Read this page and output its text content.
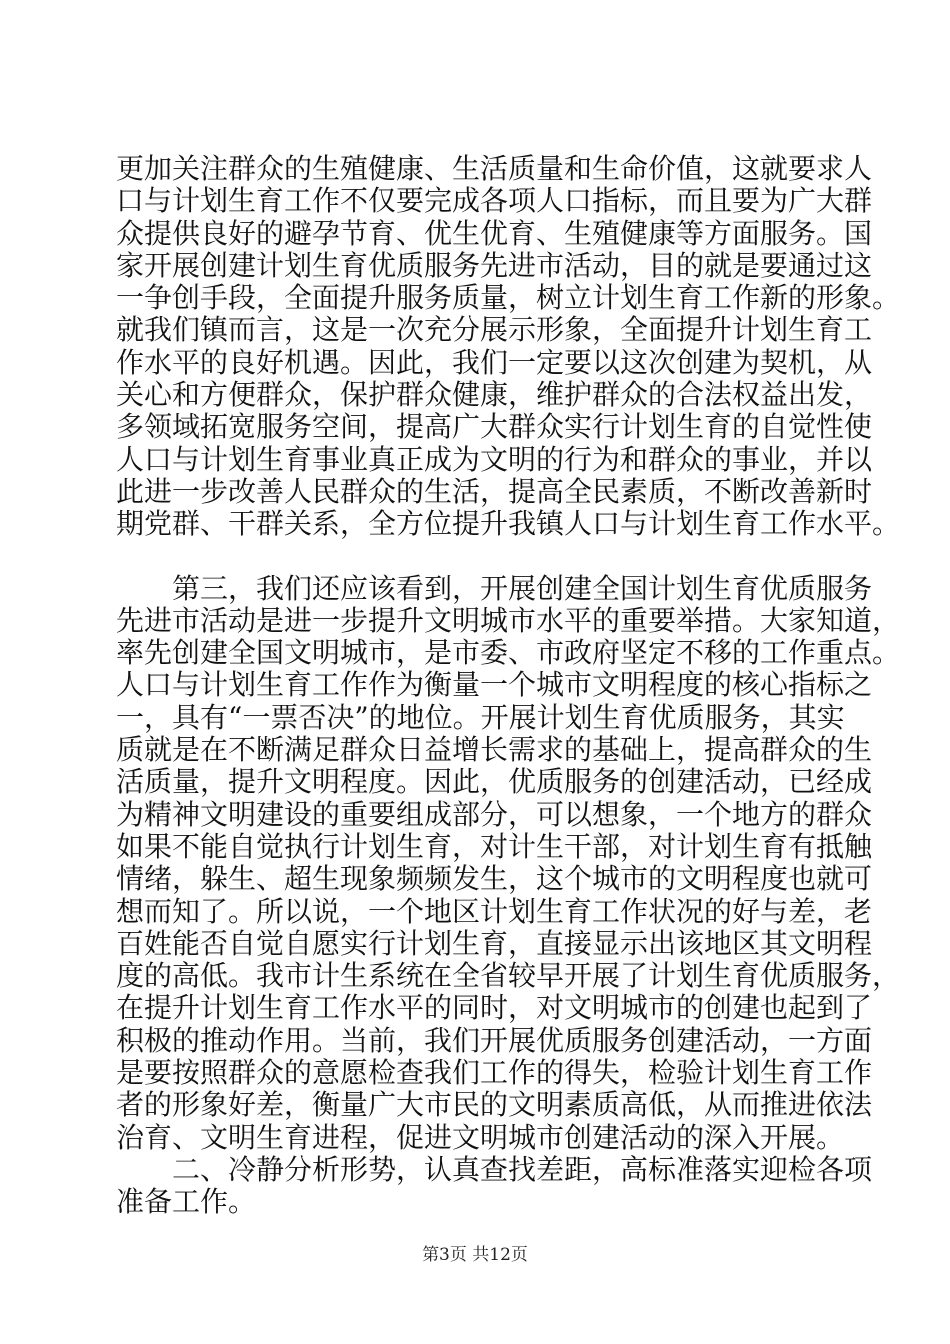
更加关注群众的生殖健康、生活质量和生命价值，这就要求人

口与计划生育工作不仅要完成各项人口指标，而且要为广大群

众提供良好的避孕节育、优生优育、生殖健康等方面服务。国

家开展创建计划生育优质服务先进市活动，目的就是要通过这

一争创手段，全面提升服务质量，树立计划生育工作新的形象。

就我们镇而言，这是一次充分展示形象，全面提升计划生育工

作水平的良好机遇。因此，我们一定要以这次创建为契机，从

关心和方便群众，保护群众健康，维护群众的合法权益出发，

多领域拓宽服务空间，提高广大群众实行计划生育的自觉性使

人口与计划生育事业真正成为文明的行为和群众的事业，并以

此进一步改善人民群众的生活，提高全民素质，不断改善新时

期党群、干群关系，全方位提升我镇人口与计划生育工作水平。

　　第三，我们还应该看到，开展创建全国计划生育优质服务

先进市活动是进一步提升文明城市水平的重要举措。大家知道，

率先创建全国文明城市，是市委、市政府坚定不移的工作重点。

人口与计划生育工作作为衡量一个城市文明程度的核心指标之

一，具有“一票否决”的地位。开展计划生育优质服务，其实

质就是在不断满足群众日益增长需求的基础上，提高群众的生

活质量，提升文明程度。因此，优质服务的创建活动，已经成

为精神文明建设的重要组成部分，可以想象，一个地方的群众

如果不能自觉执行计划生育，对计生干部，对计划生育有抵触

情绪，躲生、超生现象频频发生，这个城市的文明程度也就可

想而知了。所以说，一个地区计划生育工作状况的好与差，老

百姓能否自觉自愿实行计划生育，直接显示出该地区其文明程

度的高低。我市计生系统在全省较早开展了计划生育优质服务，

在提升计划生育工作水平的同时，对文明城市的创建也起到了

积极的推动作用。当前，我们开展优质服务创建活动，一方面

是要按照群众的意愿检查我们工作的得失，检验计划生育工作

者的形象好差，衡量广大市民的文明素质高低，从而推进依法

治育、文明生育进程，促进文明城市创建活动的深入开展。

　　二、冷静分析形势，认真查找差距，高标准落实迎检各项

准备工作。

第3页 共12页
